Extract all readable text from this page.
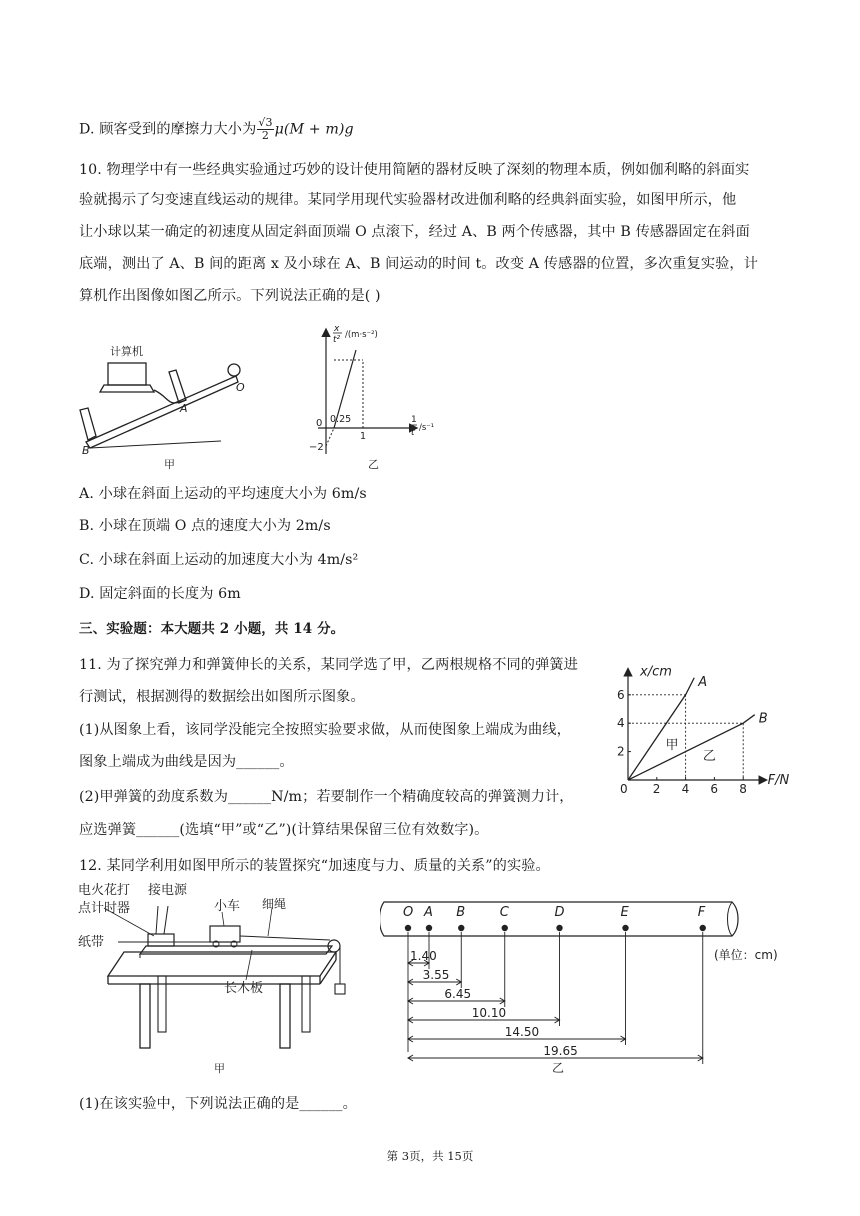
D. 顾客受到的摩擦力大小为 $\frac{√3}{2} \mu(M + m)g$
10. 物理学中有一些经典实验通过巧妙的设计使用简陋的器材反映了深刻的物理本质，例如伽利略的斜面实
验就揭示了匀变速直线运动的规律。某同学用现代实验器材改进伽利略的经典斜面实验，如图甲所示，他
让小球以某一确定的初速度从固定斜面顶端 O 点滚下，经过 A、B 两个传感器，其中 B 传感器固定在斜面
底端，测出了 A、B 间的距离 x 及小球在 A、B 间运动的时间 t。改变 A 传感器的位置，多次重复实验，计
算机作出图像如图乙所示。下列说法正确的是( )
计算机
O
A
B
甲
x
t² /(m·s⁻²)
1
t /s⁻¹
0 0.25
1
−2
乙
A. 小球在斜面上运动的平均速度大小为 6m/s
B. 小球在顶端 O 点的速度大小为 2m/s
C. 小球在斜面上运动的加速度大小为 4m/s²
D. 固定斜面的长度为 6m
三、实验题：本大题共 2 小题，共 14 分。
11. 为了探究弹力和弹簧伸长的关系，某同学选了甲，乙两根规格不同的弹簧进
行测试，根据测得的数据绘出如图所示图象。
(1)从图象上看，该同学没能完全按照实验要求做，从而使图象上端成为曲线，
图象上端成为曲线是因为______。
(2)甲弹簧的劲度系数为______N/m；若要制作一个精确度较高的弹簧测力计，
应选弹簧______(选填“甲”或“乙”)(计算结果保留三位有效数字)。
0 2 4 6 8
2
4
6
A
B
甲
乙
x/cm
F/N
12. 某同学利用如图甲所示的装置探究“加速度与力、质量的关系”的实验。
电火花打
点计时器
接电源
小车 细绳
纸带
长木板
甲
O A B	C	D	E	F
1.40
3.55
6.45
10.10
14.50
19.65
(单位：cm)
乙
(1)在该实验中，下列说法正确的是______。
第 3页，共 15页
